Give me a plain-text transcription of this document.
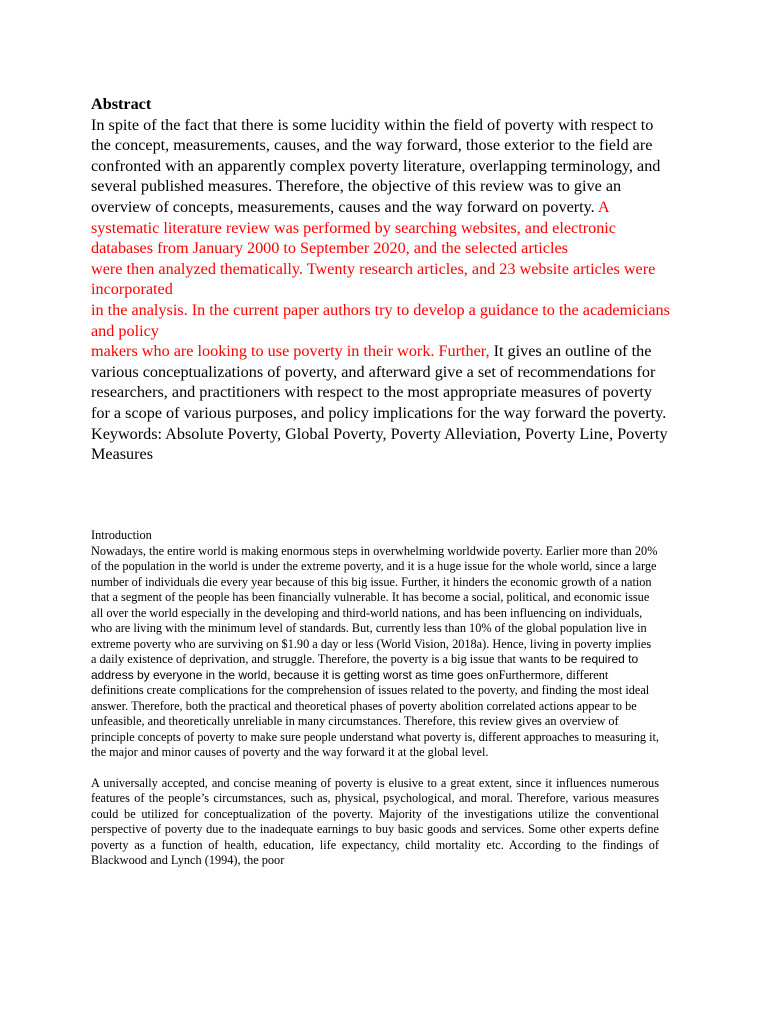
Abstract

In spite of the fact that there is some lucidity within the field of poverty with respect to the concept, measurements, causes, and the way forward, those exterior to the field are confronted with an apparently complex poverty literature, overlapping terminology, and several published measures. Therefore, the objective of this review was to give an overview of concepts, measurements, causes and the way forward on poverty. A systematic literature review was performed by searching websites, and electronic databases from January 2000 to September 2020, and the selected articles
were then analyzed thematically. Twenty research articles, and 23 website articles were incorporated
in the analysis. In the current paper authors try to develop a guidance to the academicians and policy
makers who are looking to use poverty in their work. Further, It gives an outline of the various conceptualizations of poverty, and afterward give a set of recommendations for researchers, and practitioners with respect to the most appropriate measures of poverty for a scope of various purposes, and policy implications for the way forward the poverty.

Keywords: Absolute Poverty, Global Poverty, Poverty Alleviation, Poverty Line, Poverty Measures

Introduction

Nowadays, the entire world is making enormous steps in overwhelming worldwide poverty. Earlier more than 20% of the population in the world is under the extreme poverty, and it is a huge issue for the whole world, since a large number of individuals die every year because of this big issue. Further, it hinders the economic growth of a nation that a segment of the people has been financially vulnerable. It has become a social, political, and economic issue all over the world especially in the developing and third-world nations, and has been influencing on individuals, who are living with the minimum level of standards. But, currently less than 10% of the global population live in extreme poverty who are surviving on $1.90 a day or less (World Vision, 2018a). Hence, living in poverty implies a daily existence of deprivation, and struggle. Therefore, the poverty is a big issue that wants to be required to address by everyone in the world, because it is getting worst as time goes onFurthermore, different definitions create complications for the comprehension of issues related to the poverty, and finding the most ideal answer. Therefore, both the practical and theoretical phases of poverty abolition correlated actions appear to be unfeasible, and theoretically unreliable in many circumstances. Therefore, this review gives an overview of principle concepts of poverty to make sure people understand what poverty is, different approaches to measuring it, the major and minor causes of poverty and the way forward it at the global level.

A universally accepted, and concise meaning of poverty is elusive to a great extent, since it influences numerous features of the people’s circumstances, such as, physical, psychological, and moral. Therefore, various measures could be utilized for conceptualization of the poverty. Majority of the investigations utilize the conventional perspective of poverty due to the inadequate earnings to buy basic goods and services. Some other experts define poverty as a function of health, education, life expectancy, child mortality etc. According to the findings of Blackwood and Lynch (1994), the poor
